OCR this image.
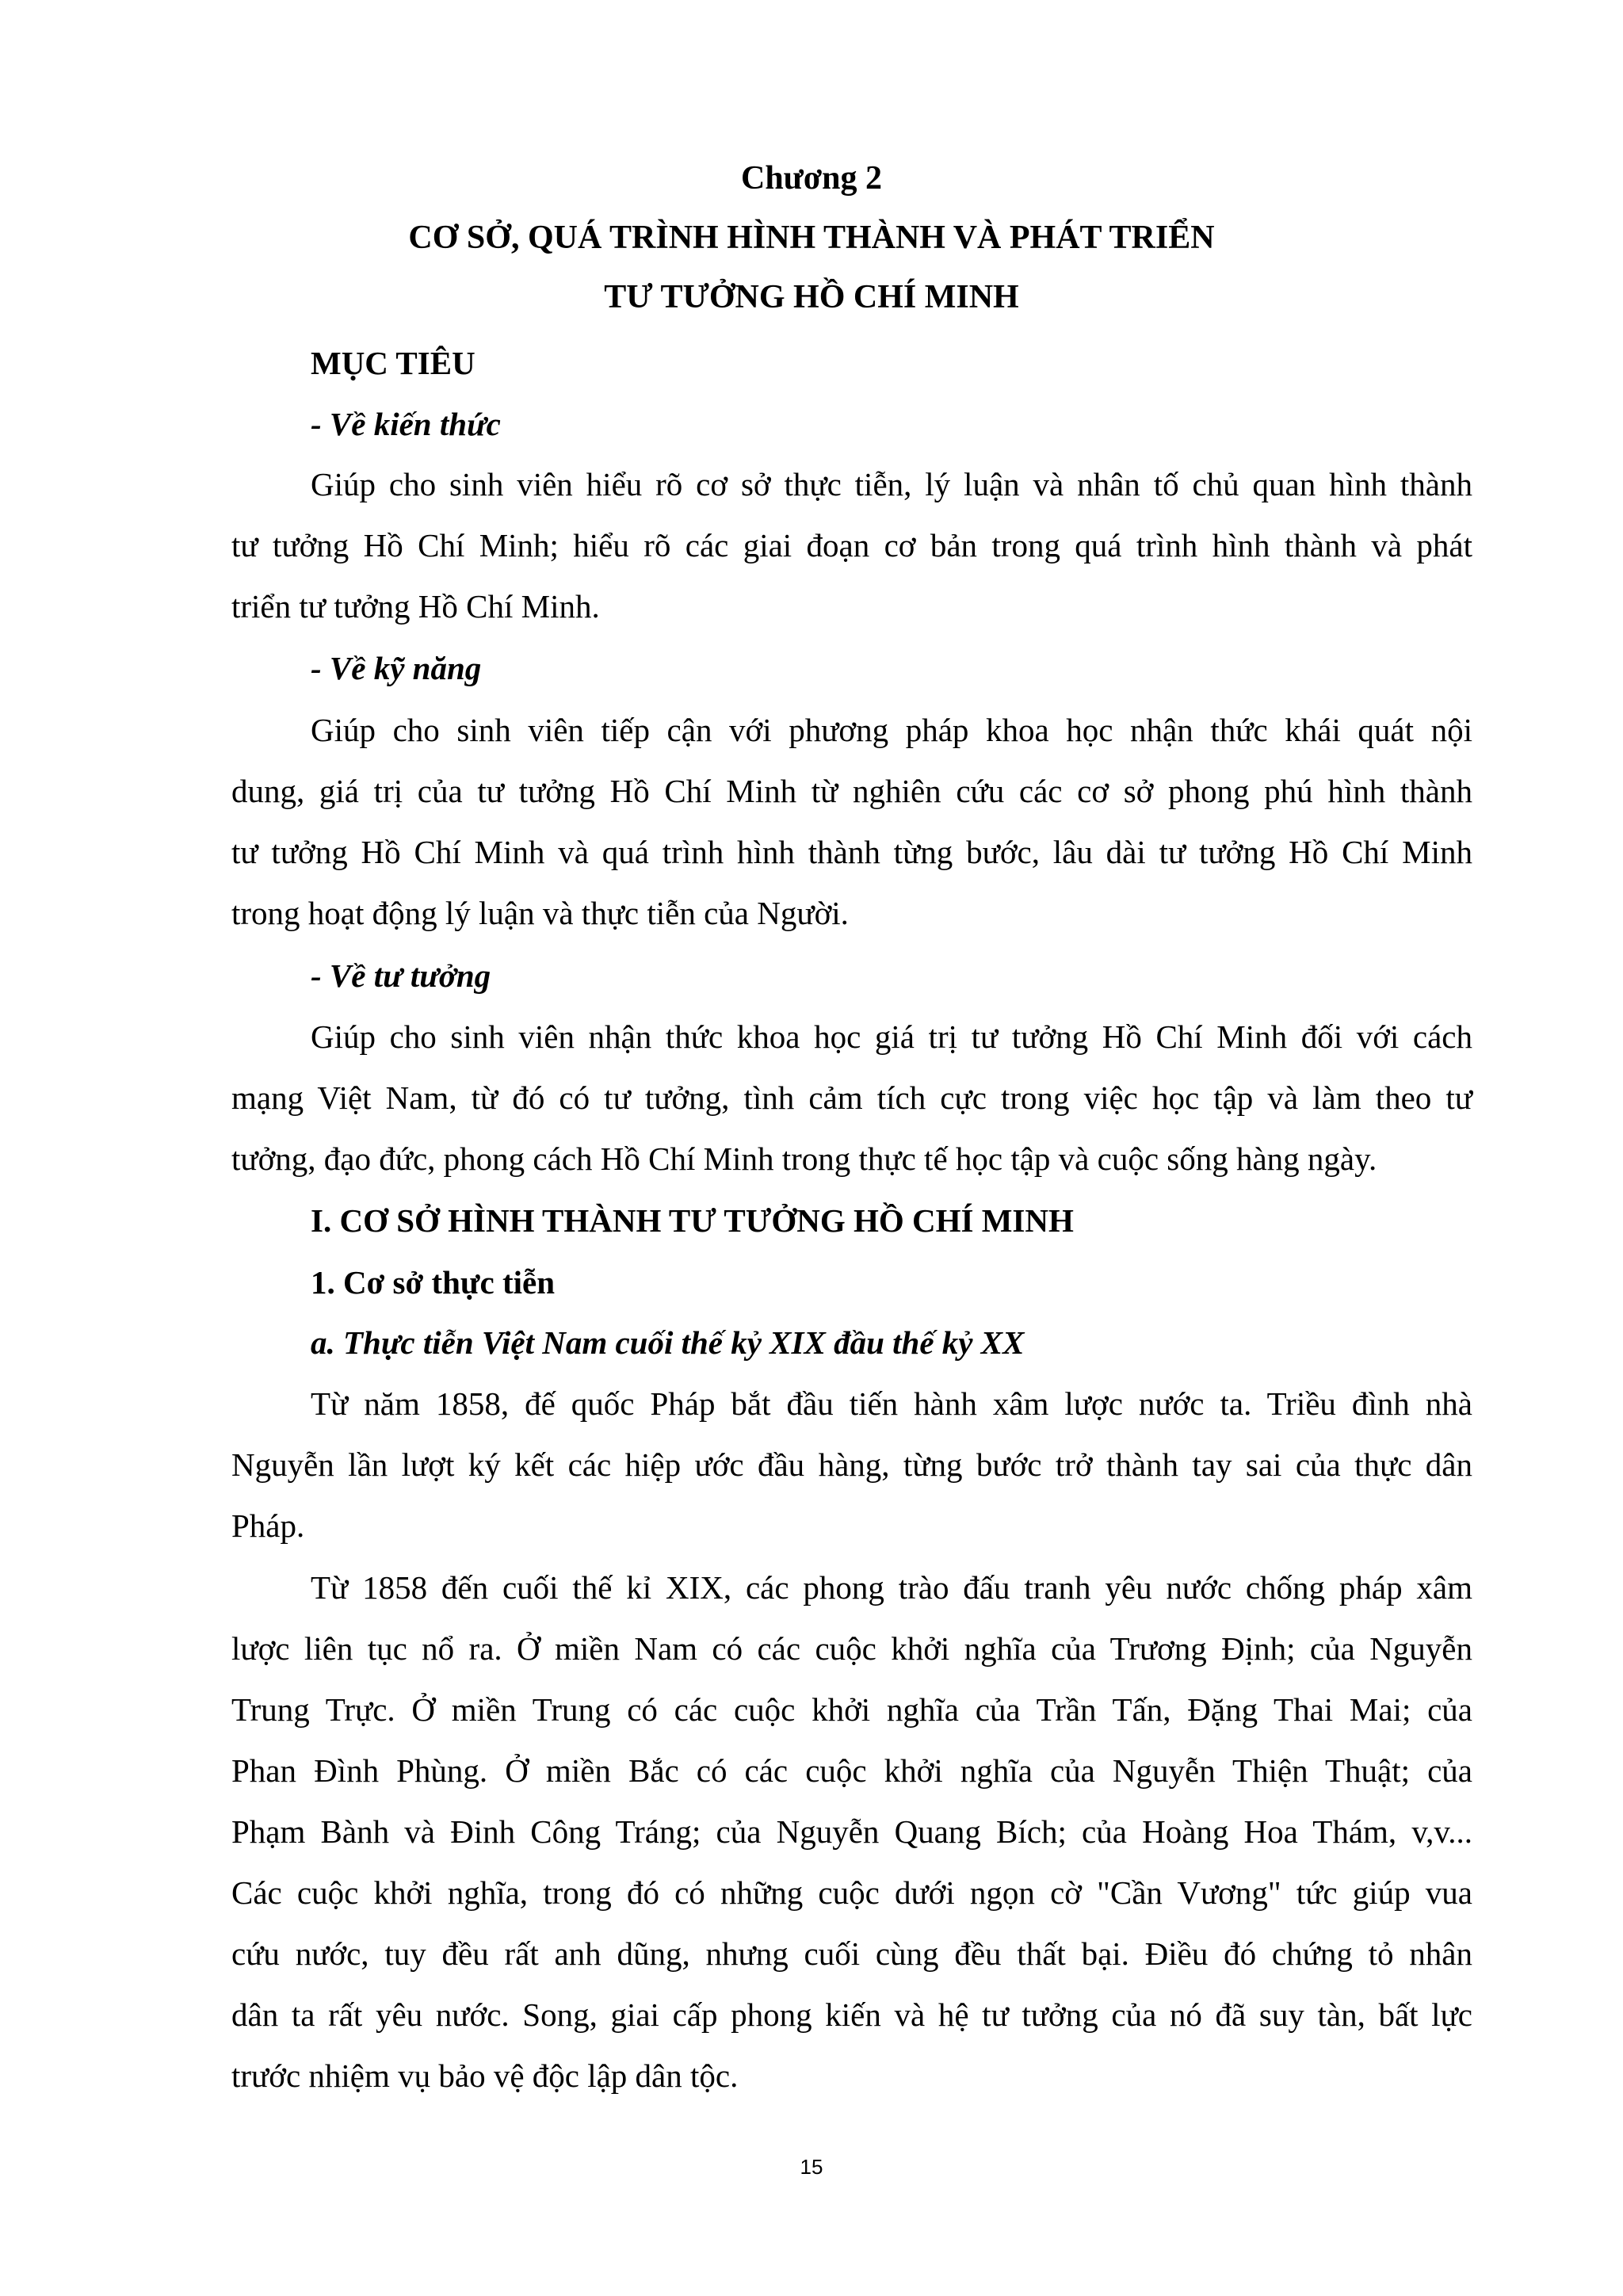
Chương 2
CƠ SỞ, QUÁ TRÌNH HÌNH THÀNH VÀ PHÁT TRIỂN
TƯ TƯỞNG HỒ CHÍ MINH
MỤC TIÊU
- Về kiến thức
Giúp cho sinh viên hiểu rõ cơ sở thực tiễn, lý luận và nhân tố chủ quan hình thành
tư tưởng Hồ Chí Minh; hiểu rõ các giai đoạn cơ bản trong quá trình hình thành và phát
triển tư tưởng Hồ Chí Minh.
- Về kỹ năng
Giúp cho sinh viên tiếp cận với phương pháp khoa học nhận thức khái quát nội
dung, giá trị của tư tưởng Hồ Chí Minh từ nghiên cứu các cơ sở phong phú hình thành
tư tưởng Hồ Chí Minh và quá trình hình thành từng bước, lâu dài tư tưởng Hồ Chí Minh
trong hoạt động lý luận và thực tiễn của Người.
- Về tư tưởng
Giúp cho sinh viên nhận thức khoa học giá trị tư tưởng Hồ Chí Minh đối với cách
mạng Việt Nam, từ đó có tư tưởng, tình cảm tích cực trong việc học tập và làm theo tư
tưởng, đạo đức, phong cách Hồ Chí Minh trong thực tế học tập và cuộc sống hàng ngày.
I. CƠ SỞ HÌNH THÀNH TƯ TƯỞNG HỒ CHÍ MINH
1. Cơ sở thực tiễn
a. Thực tiễn Việt Nam cuối thế kỷ XIX đầu thế kỷ XX
Từ năm 1858, đế quốc Pháp bắt đầu tiến hành xâm lược nước ta. Triều đình nhà
Nguyễn lần lượt ký kết các hiệp ước đầu hàng, từng bước trở thành tay sai của thực dân
Pháp.
Từ 1858 đến cuối thế kỉ XIX, các phong trào đấu tranh yêu nước chống pháp xâm
lược liên tục nổ ra. Ở miền Nam có các cuộc khởi nghĩa của Trương Định; của Nguyễn
Trung Trực. Ở miền Trung có các cuộc khởi nghĩa của Trần Tấn, Đặng Thai Mai; của
Phan Đình Phùng. Ở miền Bắc có các cuộc khởi nghĩa của Nguyễn Thiện Thuật; của
Phạm Bành và Đinh Công Tráng; của Nguyễn Quang Bích; của Hoàng Hoa Thám, v,v...
Các cuộc khởi nghĩa, trong đó có những cuộc dưới ngọn cờ "Cần Vương" tức giúp vua
cứu nước, tuy đều rất anh dũng, nhưng cuối cùng đều thất bại. Điều đó chứng tỏ nhân
dân ta rất yêu nước. Song, giai cấp phong kiến và hệ tư tưởng của nó đã suy tàn, bất lực
trước nhiệm vụ bảo vệ độc lập dân tộc.
15
